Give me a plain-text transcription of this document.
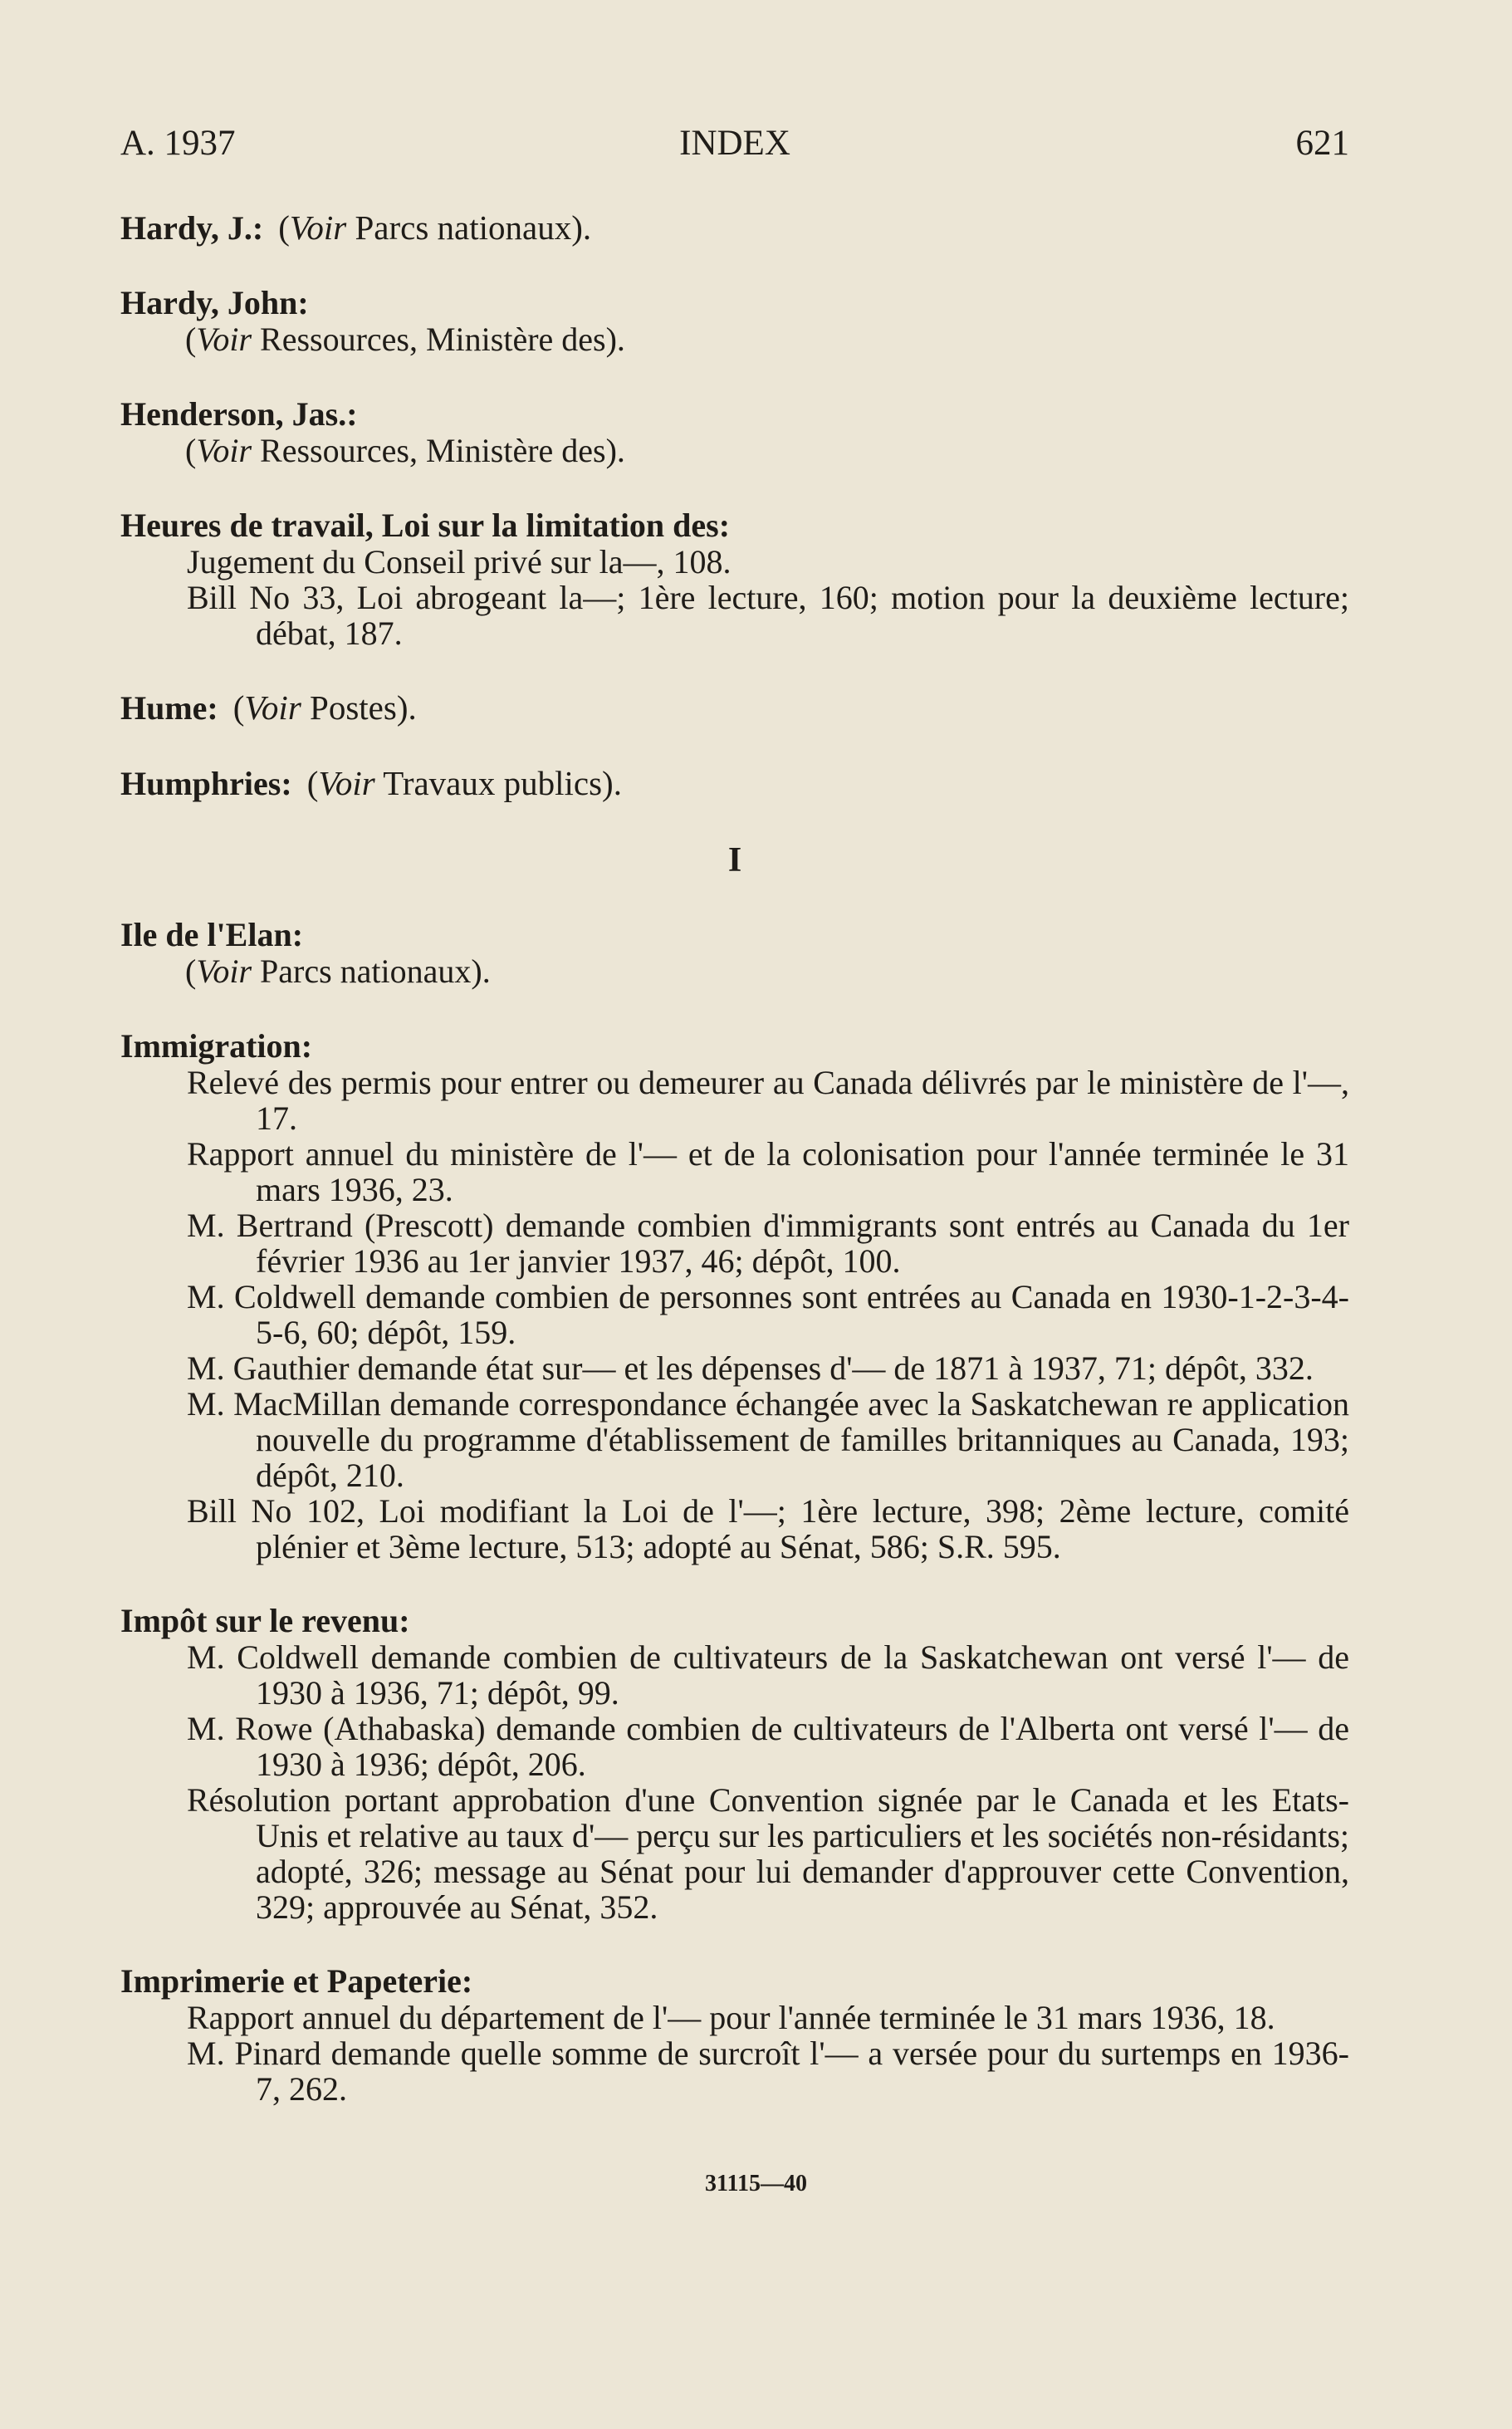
A. 1937	INDEX	621
Hardy, J.: (Voir Parcs nationaux).
Hardy, John:
(Voir Ressources, Ministère des).
Henderson, Jas.:
(Voir Ressources, Ministère des).
Heures de travail, Loi sur la limitation des:
Jugement du Conseil privé sur la—, 108.
Bill No 33, Loi abrogeant la—; 1ère lecture, 160; motion pour la deuxième lecture; débat, 187.
Hume: (Voir Postes).
Humphries: (Voir Travaux publics).
I
Ile de l'Elan:
(Voir Parcs nationaux).
Immigration:
Relevé des permis pour entrer ou demeurer au Canada délivrés par le ministère de l'—, 17.
Rapport annuel du ministère de l'— et de la colonisation pour l'année terminée le 31 mars 1936, 23.
M. Bertrand (Prescott) demande combien d'immigrants sont entrés au Canada du 1er février 1936 au 1er janvier 1937, 46; dépôt, 100.
M. Coldwell demande combien de personnes sont entrées au Canada en 1930-1-2-3-4-5-6, 60; dépôt, 159.
M. Gauthier demande état sur— et les dépenses d'— de 1871 à 1937, 71; dépôt, 332.
M. MacMillan demande correspondance échangée avec la Saskatchewan re application nouvelle du programme d'établissement de familles britanniques au Canada, 193; dépôt, 210.
Bill No 102, Loi modifiant la Loi de l'—; 1ère lecture, 398; 2ème lecture, comité plénier et 3ème lecture, 513; adopté au Sénat, 586; S.R. 595.
Impôt sur le revenu:
M. Coldwell demande combien de cultivateurs de la Saskatchewan ont versé l'— de 1930 à 1936, 71; dépôt, 99.
M. Rowe (Athabaska) demande combien de cultivateurs de l'Alberta ont versé l'— de 1930 à 1936; dépôt, 206.
Résolution portant approbation d'une Convention signée par le Canada et les Etats-Unis et relative au taux d'— perçu sur les particuliers et les sociétés non-résidants; adopté, 326; message au Sénat pour lui demander d'approuver cette Convention, 329; approuvée au Sénat, 352.
Imprimerie et Papeterie:
Rapport annuel du département de l'— pour l'année terminée le 31 mars 1936, 18.
M. Pinard demande quelle somme de surcroît l'— a versée pour du surtemps en 1936-7, 262.
31115—40
